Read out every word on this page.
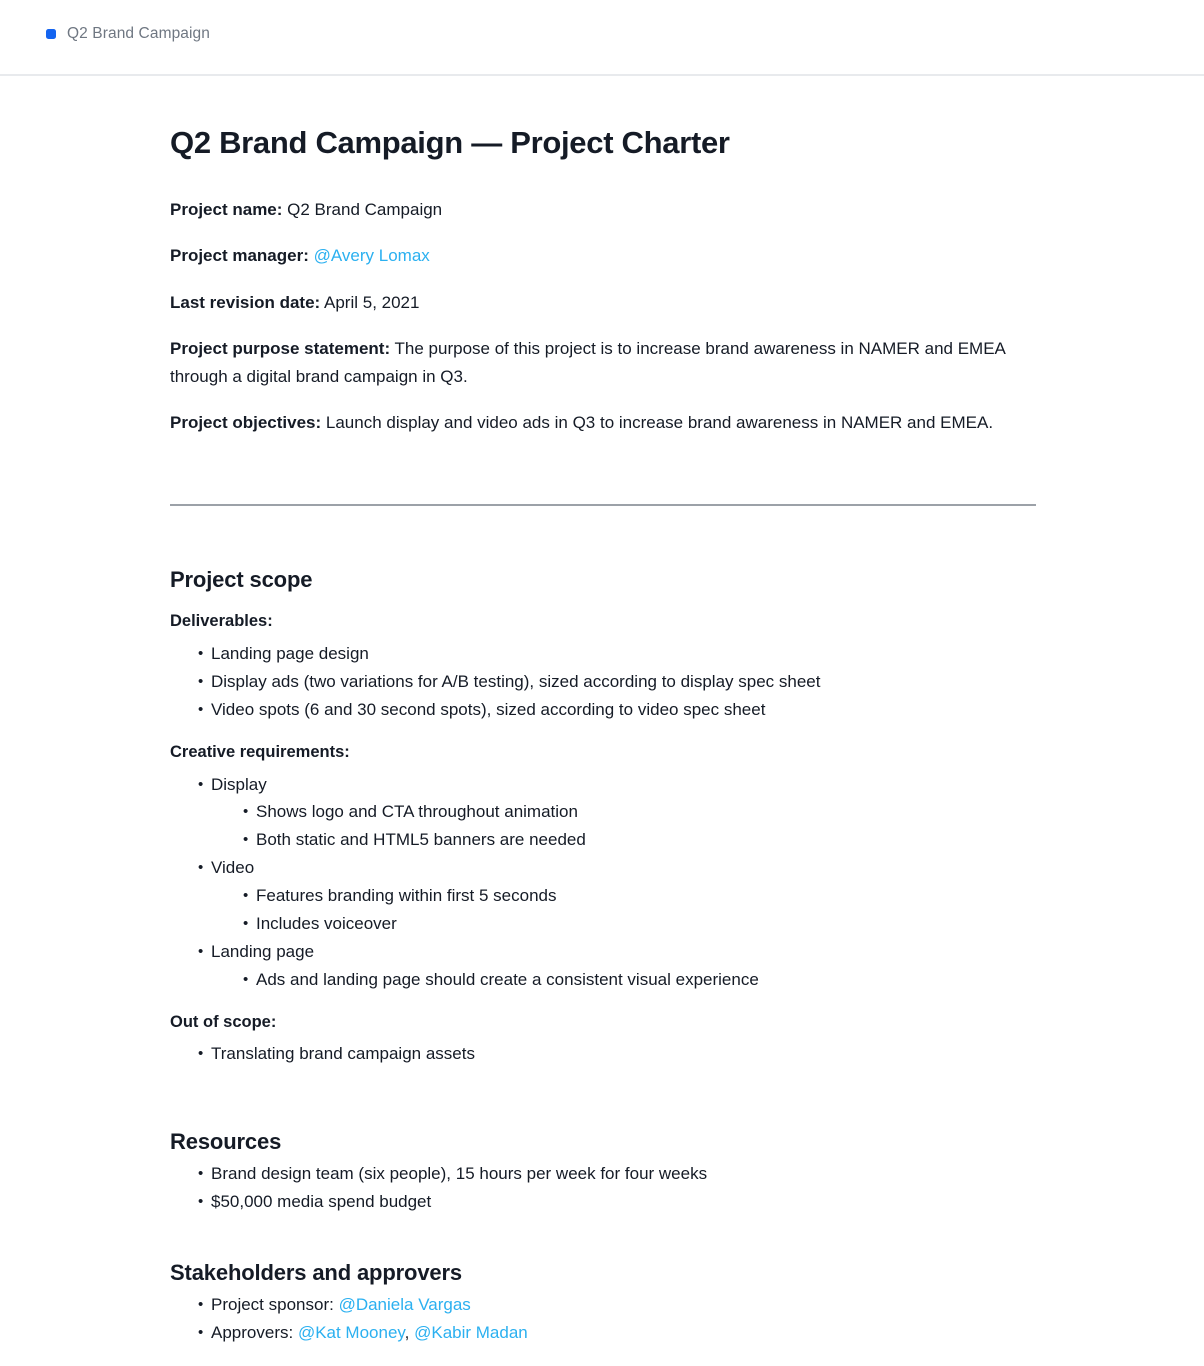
Q2 Brand Campaign
Q2 Brand Campaign — Project Charter

Project name: Q2 Brand Campaign

Project manager: @Avery Lomax

Last revision date: April 5, 2021

Project purpose statement: The purpose of this project is to increase brand awareness in NAMER and EMEA through a digital brand campaign in Q3.

Project objectives: Launch display and video ads in Q3 to increase brand awareness in NAMER and EMEA.

Project scope

Deliverables:

• Landing page design
• Display ads (two variations for A/B testing), sized according to display spec sheet
• Video spots (6 and 30 second spots), sized according to video spec sheet

Creative requirements:

• Display
• Shows logo and CTA throughout animation
• Both static and HTML5 banners are needed
• Video
• Features branding within first 5 seconds
• Includes voiceover
• Landing page
• Ads and landing page should create a consistent visual experience

Out of scope:

• Translating brand campaign assets
Resources
• Brand design team (six people), 15 hours per week for four weeks
• $50,000 media spend budget
Stakeholders and approvers
• Project sponsor: @Daniela Vargas
• Approvers: @Kat Mooney, @Kabir Madan
